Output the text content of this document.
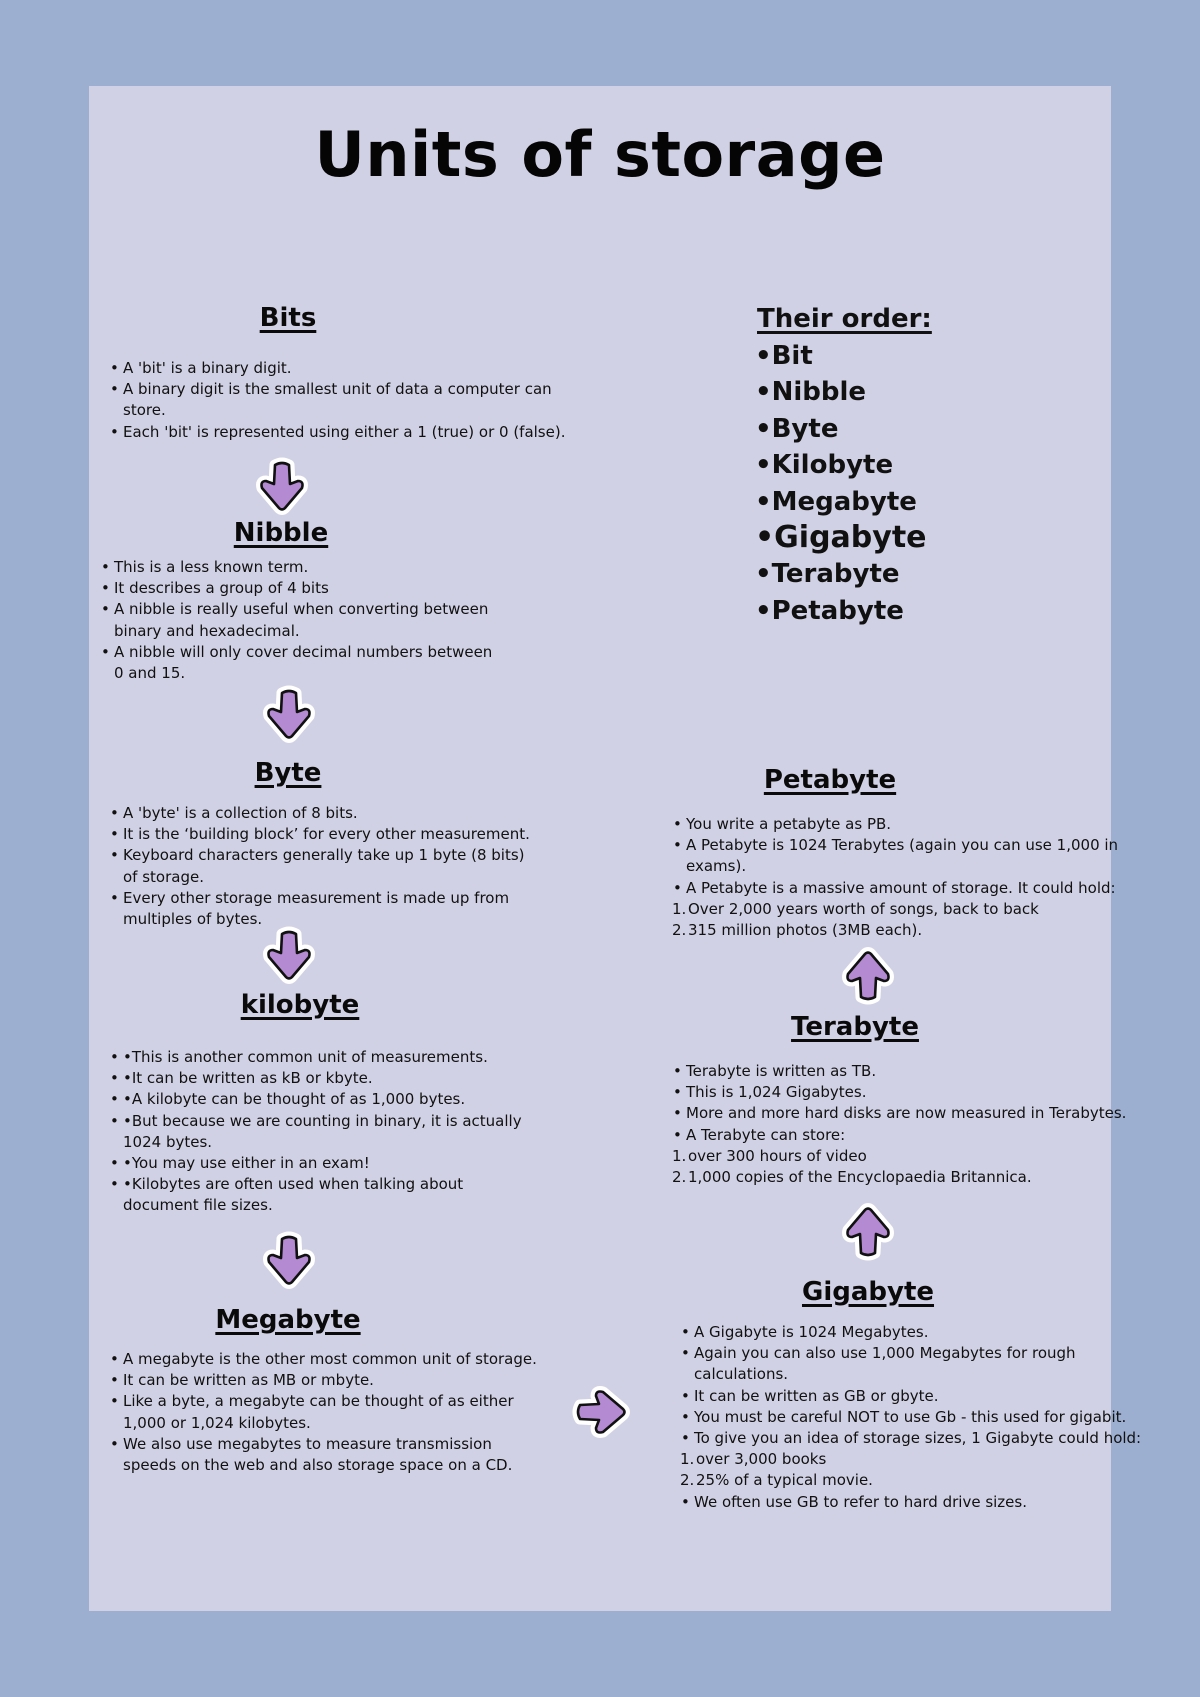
Units of storage
Their order:
•Bit
•Nibble
•Byte
•Kilobyte
•Megabyte
•Gigabyte
•Terabyte
•Petabyte
Bits
• A 'bit' is a binary digit.
• A binary digit is the smallest unit of data a computer can
store.
• Each 'bit' is represented using either a 1 (true) or 0 (false).
Nibble
• This is a less known term.
• It describes a group of 4 bits
• A nibble is really useful when converting between
binary and hexadecimal.
• A nibble will only cover decimal numbers between
0 and 15.
Byte
• A 'byte' is a collection of 8 bits.
• It is the ‘building block’ for every other measurement.
• Keyboard characters generally take up 1 byte (8 bits)
of storage.
• Every other storage measurement is made up from
multiples of bytes.
kilobyte
• •This is another common unit of measurements.
• •It can be written as kB or kbyte.
• •A kilobyte can be thought of as 1,000 bytes.
• •But because we are counting in binary, it is actually
1024 bytes.
• •You may use either in an exam!
• •Kilobytes are often used when talking about
document file sizes.
Megabyte
• A megabyte is the other most common unit of storage.
• It can be written as MB or mbyte.
• Like a byte, a megabyte can be thought of as either
1,000 or 1,024 kilobytes.
• We also use megabytes to measure transmission
speeds on the web and also storage space on a CD.
Petabyte
• You write a petabyte as PB.
• A Petabyte is 1024 Terabytes (again you can use 1,000 in
exams).
• A Petabyte is a massive amount of storage. It could hold:
1. Over 2,000 years worth of songs, back to back
2. 315 million photos (3MB each).
Terabyte
• Terabyte is written as TB.
• This is 1,024 Gigabytes.
• More and more hard disks are now measured in Terabytes.
• A Terabyte can store:
1. over 300 hours of video
2. 1,000 copies of the Encyclopaedia Britannica.
Gigabyte
• A Gigabyte is 1024 Megabytes.
• Again you can also use 1,000 Megabytes for rough
calculations.
• It can be written as GB or gbyte.
• You must be careful NOT to use Gb - this used for gigabit.
• To give you an idea of storage sizes, 1 Gigabyte could hold:
1. over 3,000 books
2. 25% of a typical movie.
• We often use GB to refer to hard drive sizes.
